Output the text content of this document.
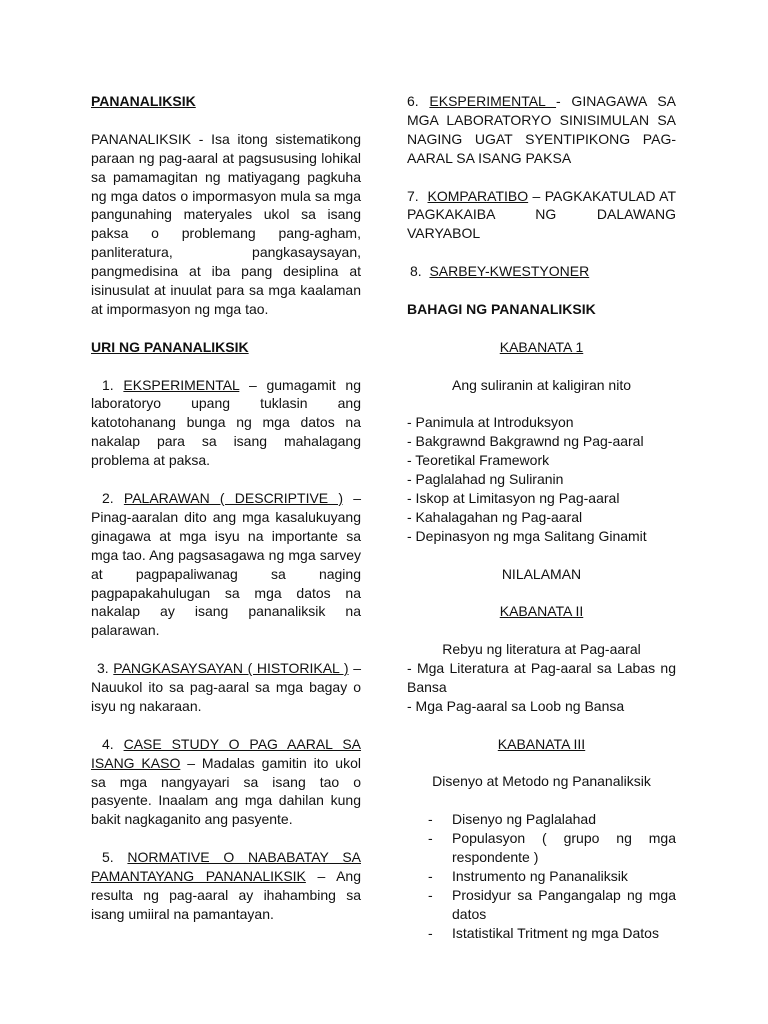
PANANALIKSIK

PANANALIKSIK - Isa itong sistematikong paraan ng pag-aaral at pagsususing lohikal sa pamamagitan ng matiyagang pagkuha ng mga datos o impormasyon mula sa mga pangunahing materyales ukol sa isang paksa o problemang pang-agham, panliteratura, pangkasaysayan, pangmedisina at iba pang desiplina at isinusulat at inuulat para sa mga kaalaman at impormasyon ng mga tao.

URI NG PANANALIKSIK

1. EKSPERIMENTAL – gumagamit ng laboratoryo upang tuklasin ang katotohanang bunga ng mga datos na nakalap para sa isang mahalagang problema at paksa.

2. PALARAWAN ( DESCRIPTIVE ) – Pinag-aaralan dito ang mga kasalukuyang ginagawa at mga isyu na importante sa mga tao. Ang pagsasagawa ng mga sarvey at pagpapaliwanag sa naging pagpapakahulugan sa mga datos na nakalap ay isang pananaliksik na palarawan.

3. PANGKASAYSAYAN ( HISTORIKAL ) – Nauukol ito sa pag-aaral sa mga bagay o isyu ng nakaraan.

4. CASE STUDY O PAG AARAL SA ISANG KASO – Madalas gamitin ito ukol sa mga nangyayari sa isang tao o pasyente. Inaalam ang mga dahilan kung bakit nagkaganito ang pasyente.

5. NORMATIVE O NABABATAY SA PAMANTAYANG PANANALIKSIK – Ang resulta ng pag-aaral ay ihahambing sa isang umiiral na pamantayan.

6. EKSPERIMENTAL - GINAGAWA SA MGA LABORATORYO SINISIMULAN SA NAGING UGAT SYENTIPIKONG PAG-AARAL SA ISANG PAKSA

7. KOMPARATIBO – PAGKAKATULAD AT PAGKAKAIBA NG DALAWANG VARYABOL

8. SARBEY-KWESTYONER

BAHAGI NG PANANALIKSIK

KABANATA 1

Ang suliranin at kaligiran nito

- Panimula at Introduksyon
- Bakgrawnd Bakgrawnd ng Pag-aaral
- Teoretikal Framework
- Paglalahad ng Suliranin
- Iskop at Limitasyon ng Pag-aaral
- Kahalagahan ng Pag-aaral
- Depinasyon ng mga Salitang Ginamit

NILALAMAN

KABANATA II

Rebyu ng literatura at Pag-aaral

- Mga Literatura at Pag-aaral sa Labas ng Bansa
- Mga Pag-aaral sa Loob ng Bansa

KABANATA III

Disenyo at Metodo ng Pananaliksik

- Disenyo ng Paglalahad
- Populasyon ( grupo ng mga respondente )
- Instrumento ng Pananaliksik
- Prosidyur sa Pangangalap ng mga datos
- Istatistikal Tritment ng mga Datos
